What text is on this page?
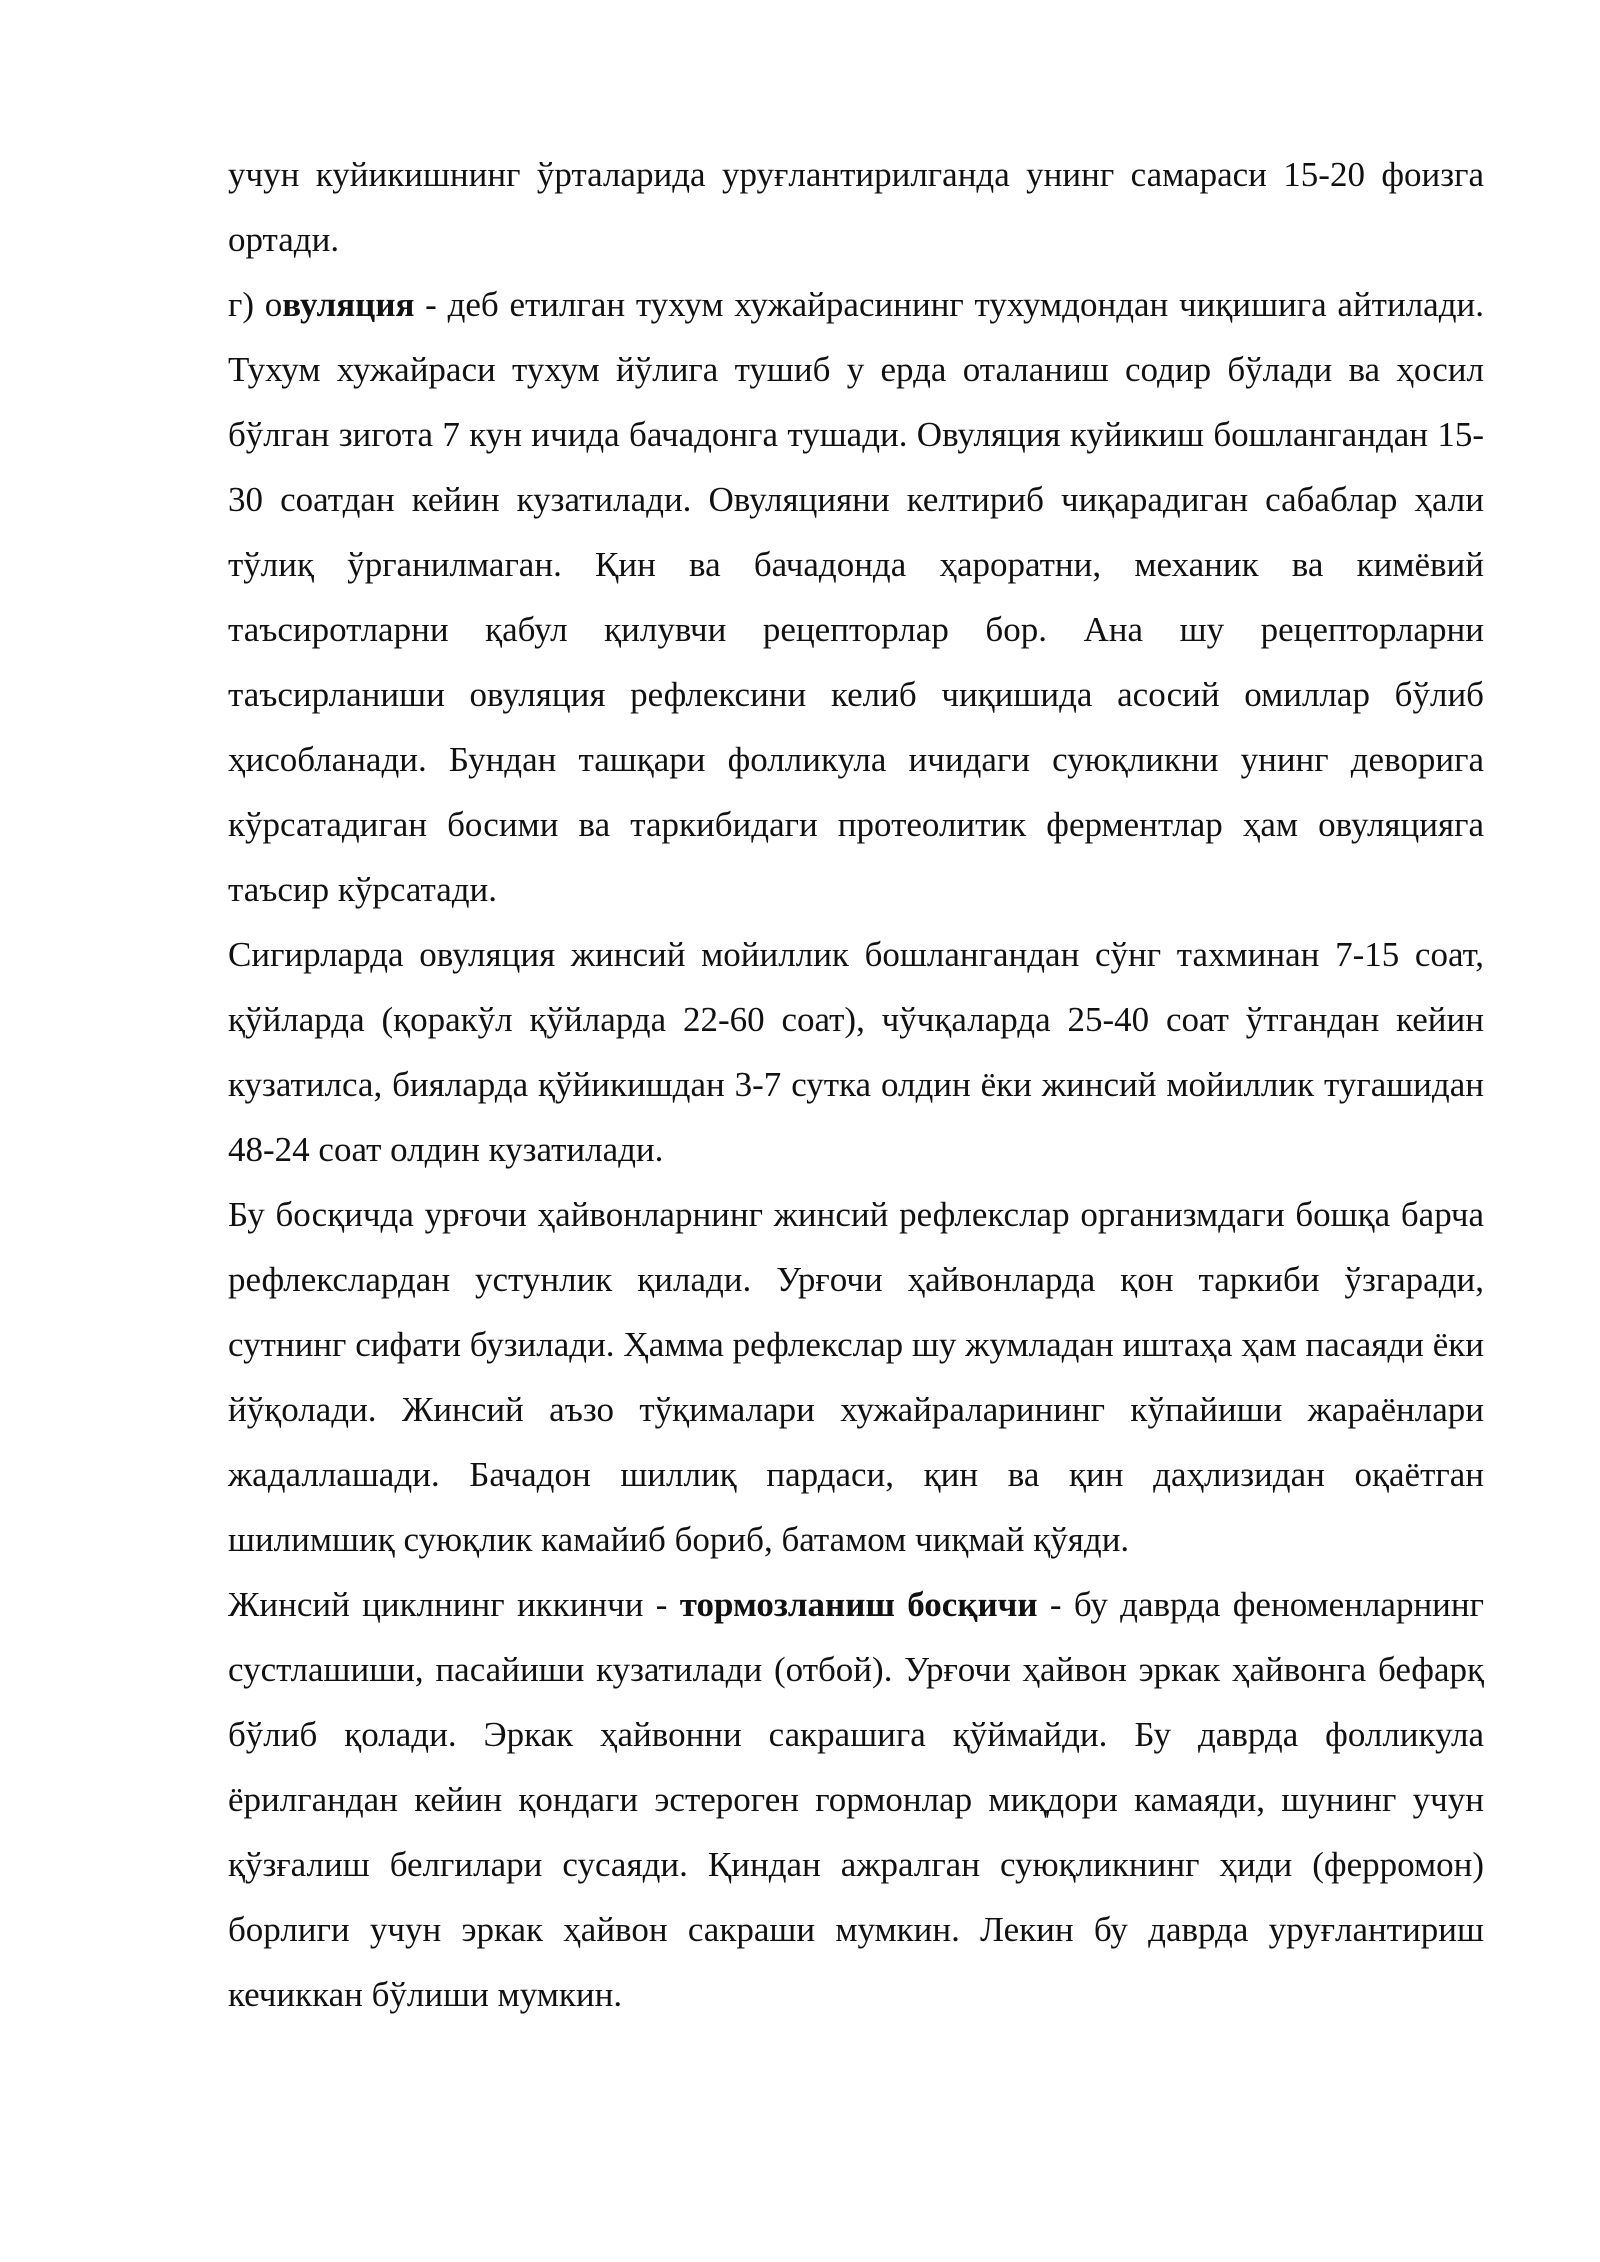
учун куйикишнинг ўрталарида уруғлантирилганда унинг самараси 15-20 фоизга ортади.

г) овуляция - деб етилган тухум хужайрасининг тухумдондан чиқишига айтилади. Тухум хужайраси тухум йўлига тушиб у ерда оталаниш содир бўлади ва ҳосил бўлган зигота 7 кун ичида бачадонга тушади. Овуляция куйикиш бошлангандан 15-30 соатдан кейин кузатилади. Овуляцияни келтириб чиқарадиган сабаблар ҳали тўлиқ ўрганилмаган. Қин ва бачадонда ҳароратни, механик ва кимёвий таъсиротларни қабул қилувчи рецепторлар бор. Ана шу рецепторларни таъсирланиши овуляция рефлексини келиб чиқишида асосий омиллар бўлиб ҳисобланади. Бундан ташқари фолликула ичидаги суюқликни унинг деворига кўрсатадиган босими ва таркибидаги протеолитик ферментлар ҳам овуляцияга таъсир кўрсатади.

Сигирларда овуляция жинсий мойиллик бошлангандан сўнг тахминан 7-15 соат, қўйларда (қоракўл қўйларда 22-60 соат), чўчқаларда 25-40 соат ўтгандан кейин кузатилса, бияларда қўйикишдан 3-7 сутка олдин ёки жинсий мойиллик тугашидан 48-24 соат олдин кузатилади.

Бу босқичда урғочи ҳайвонларнинг жинсий рефлекслар организмдаги бошқа барча рефлекслардан устунлик қилади. Урғочи ҳайвонларда қон таркиби ўзгаради, сутнинг сифати бузилади. Ҳамма рефлекслар шу жумладан иштаҳа ҳам пасаяди ёки йўқолади. Жинсий аъзо тўқималари хужайраларининг кўпайиши жараёнлари жадаллашади. Бачадон шиллиқ пардаси, қин ва қин даҳлизидан оқаётган шилимшиқ суюқлик камайиб бориб, батамом чиқмай қўяди.

Жинсий циклнинг иккинчи - тормозланиш босқичи - бу даврда феноменларнинг сустлашиши, пасайиши кузатилади (отбой). Урғочи ҳайвон эркак ҳайвонга бефарқ бўлиб қолади. Эркак ҳайвонни сакрашига қўймайди. Бу даврда фолликула ёрилгандан кейин қондаги эстероген гормонлар миқдори камаяди, шунинг учун қўзғалиш белгилари сусаяди. Қиндан ажралган суюқликнинг ҳиди (ферромон) борлиги учун эркак ҳайвон сакраши мумкин. Лекин бу даврда уруғлантириш кечиккан бўлиши мумкин.
